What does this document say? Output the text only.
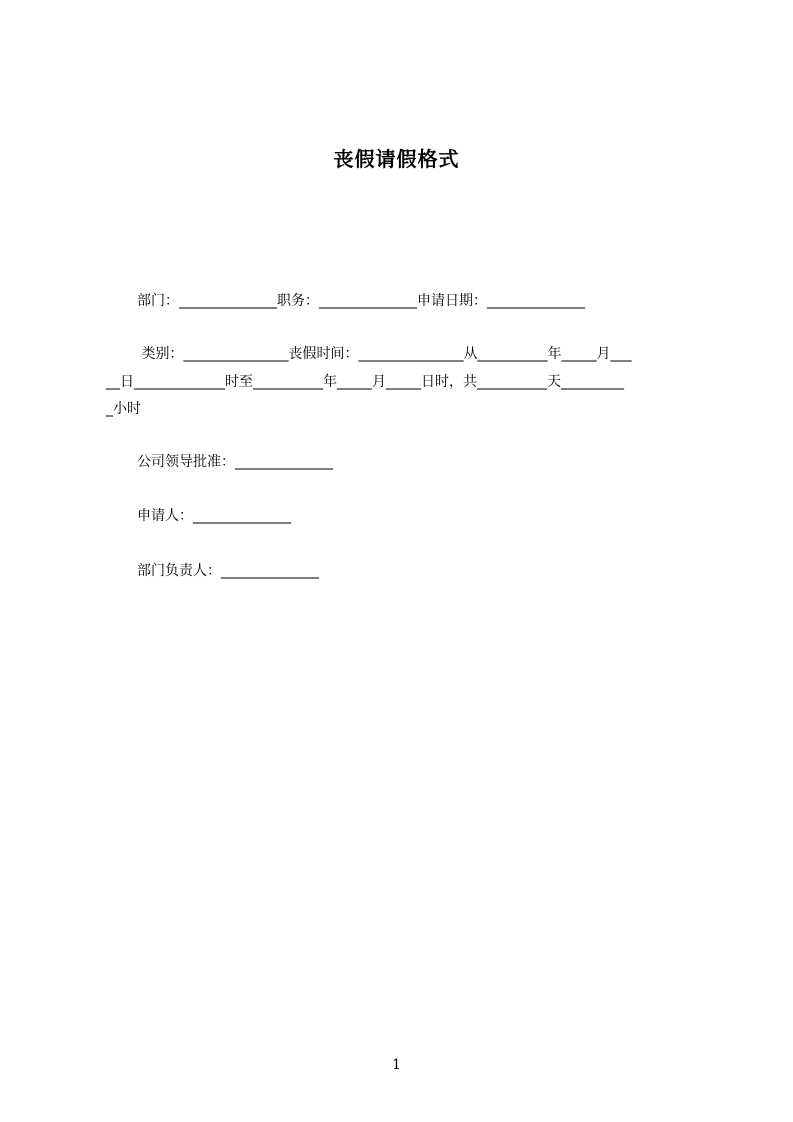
丧假请假格式
部门：______________职务：______________申请日期：______________
类别：_______________丧假时间：_______________从__________年_____月___
__日_____________时至__________年_____月_____日时，共__________天_________
_小时
公司领导批准：______________
申请人：______________
部门负责人：______________
1
